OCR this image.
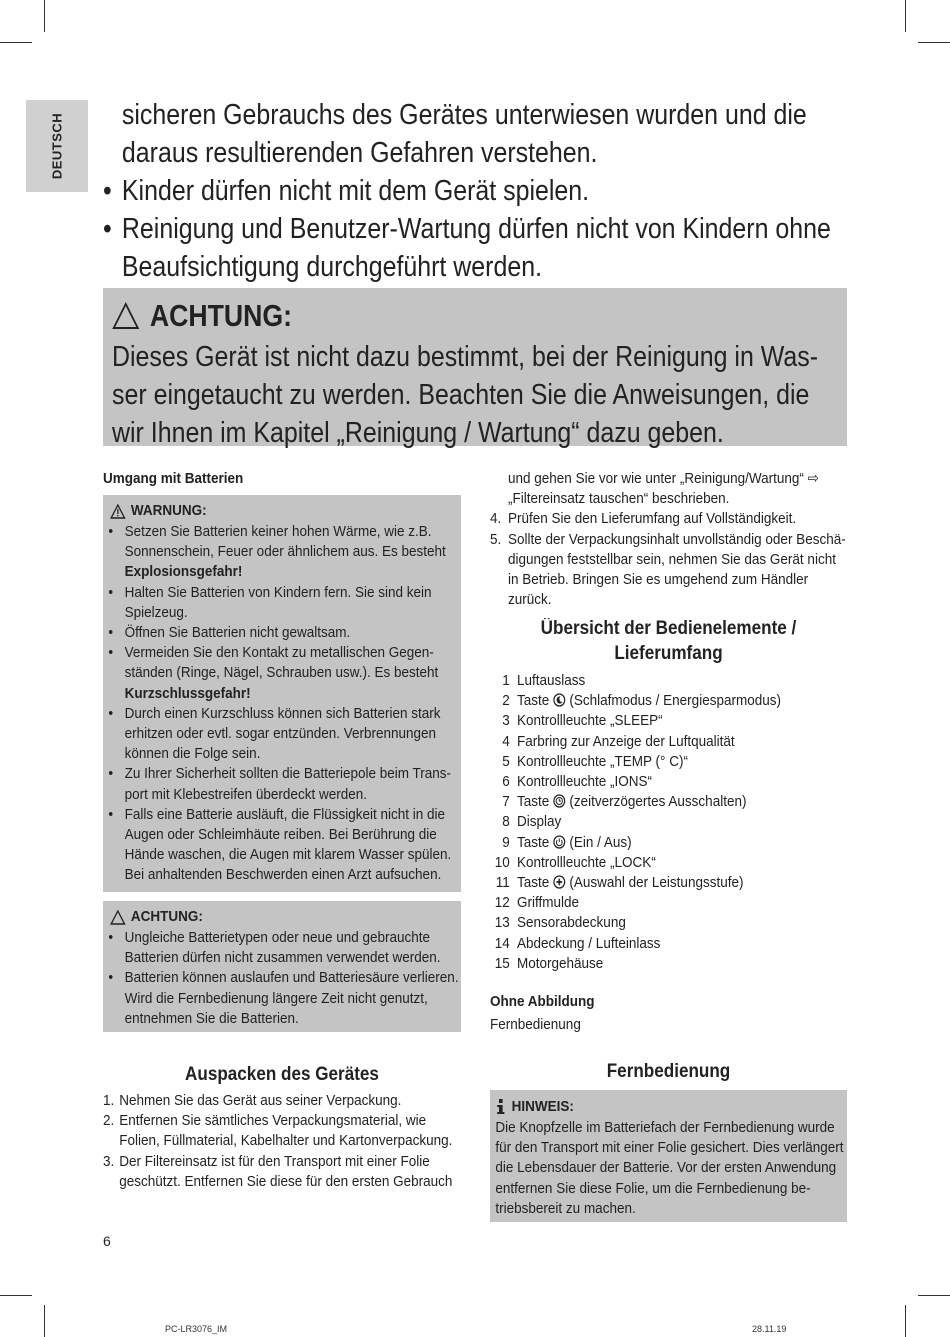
DEUTSCH	sicheren Gebrauchs des Gerätes unterwiesen wurden und die

daraus resultierenden Gefahren verstehen.

• Kinder dürfen nicht mit dem Gerät spielen.

• Reinigung und Benutzer-Wartung dürfen nicht von Kindern ohne Beaufsichtigung durchgeführt werden.

ACHTUNG:
Dieses Gerät ist nicht dazu bestimmt, bei der Reinigung in Was-
ser eingetaucht zu werden. Beachten Sie die Anweisungen, die
wir Ihnen im Kapitel „Reinigung / Wartung“ dazu geben.
Umgang mit Batterien
WARNUNG:
• Setzen Sie Batterien keiner hohen Wärme, wie z.B. Sonnenschein, Feuer oder ähnlichem aus. Es besteht Explosionsgefahr!
• Halten Sie Batterien von Kindern fern. Sie sind kein Spielzeug.
• Öffnen Sie Batterien nicht gewaltsam.
• Vermeiden Sie den Kontakt zu metallischen Gegenständen (Ringe, Nägel, Schrauben usw.). Es besteht Kurzschlussgefahr!
• Durch einen Kurzschluss können sich Batterien stark erhitzen oder evtl. sogar entzünden. Verbrennungen können die Folge sein.
• Zu Ihrer Sicherheit sollten die Batteriepole beim Transport mit Klebestreifen überdeckt werden.
• Falls eine Batterie ausläuft, die Flüssigkeit nicht in die Augen oder Schleimhäute reiben. Bei Berührung die Hände waschen, die Augen mit klarem Wasser spülen. Bei anhaltenden Beschwerden einen Arzt aufsuchen.
ACHTUNG:
• Ungleiche Batterietypen oder neue und gebrauchte Batterien dürfen nicht zusammen verwendet werden.
• Batterien können auslaufen und Batteriesäure verlieren. Wird die Fernbedienung längere Zeit nicht genutzt, entnehmen Sie die Batterien.
Auspacken des Gerätes
1. Nehmen Sie das Gerät aus seiner Verpackung.
2. Entfernen Sie sämtliches Verpackungsmaterial, wie Folien, Füllmaterial, Kabelhalter und Kartonverpackung.
3. Der Filtereinsatz ist für den Transport mit einer Folie geschützt. Entfernen Sie diese für den ersten Gebrauch
und gehen Sie vor wie unter „Reinigung/Wartung“ ⇨ „Filtereinsatz tauschen“ beschrieben.
4. Prüfen Sie den Lieferumfang auf Vollständigkeit.
5. Sollte der Verpackungsinhalt unvollständig oder Beschädigungen feststellbar sein, nehmen Sie das Gerät nicht in Betrieb. Bringen Sie es umgehend zum Händler zurück.
Übersicht der Bedienelemente /
Lieferumfang
1 Luftauslass
2 Taste  (Schlafmodus / Energiesparmodus)
3 Kontrollleuchte „SLEEP“
4 Farbring zur Anzeige der Luftqualität
5 Kontrollleuchte „TEMP (° C)“
6 Kontrollleuchte „IONS“
7 Taste  (zeitverzögertes Ausschalten)
8 Display
9 Taste  (Ein / Aus)
10 Kontrollleuchte „LOCK“
11 Taste  (Auswahl der Leistungsstufe)
12 Griffmulde
13 Sensorabdeckung
14 Abdeckung / Lufteinlass
15 Motorgehäuse
Ohne Abbildung
Fernbedienung
Fernbedienung
HINWEIS:
Die Knopfzelle im Batteriefach der Fernbedienung wurde für den Transport mit einer Folie gesichert. Dies verlängert die Lebensdauer der Batterie. Vor der ersten Anwendung entfernen Sie diese Folie, um die Fernbedienung betriebsbereit zu machen.
6
PC-LR3076_IM	28.11.19
